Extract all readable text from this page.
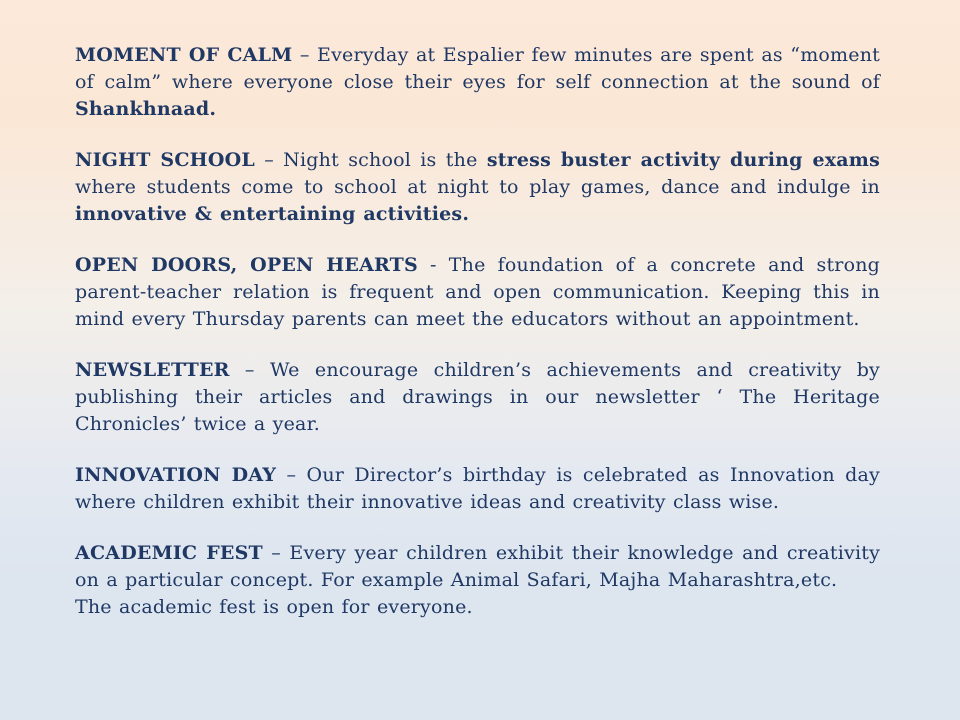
MOMENT OF CALM – Everyday at Espalier few minutes are spent as “moment of calm” where everyone close their eyes for self connection at the sound of Shankhnaad.

NIGHT SCHOOL – Night school is the stress buster activity during exams where students come to school at night to play games, dance and indulge in innovative & entertaining activities.

OPEN DOORS, OPEN HEARTS - The foundation of a concrete and strong parent-teacher relation is frequent and open communication. Keeping this in mind every Thursday parents can meet the educators without an appointment.

NEWSLETTER – We encourage children’s achievements and creativity by publishing their articles and drawings in our newsletter ‘ The Heritage Chronicles’ twice a year.

INNOVATION DAY – Our Director’s birthday is celebrated as Innovation day where children exhibit their innovative ideas and creativity class wise.

ACADEMIC FEST – Every year children exhibit their knowledge and creativity on a particular concept. For example Animal Safari, Majha Maharashtra,etc.
The academic fest is open for everyone.
